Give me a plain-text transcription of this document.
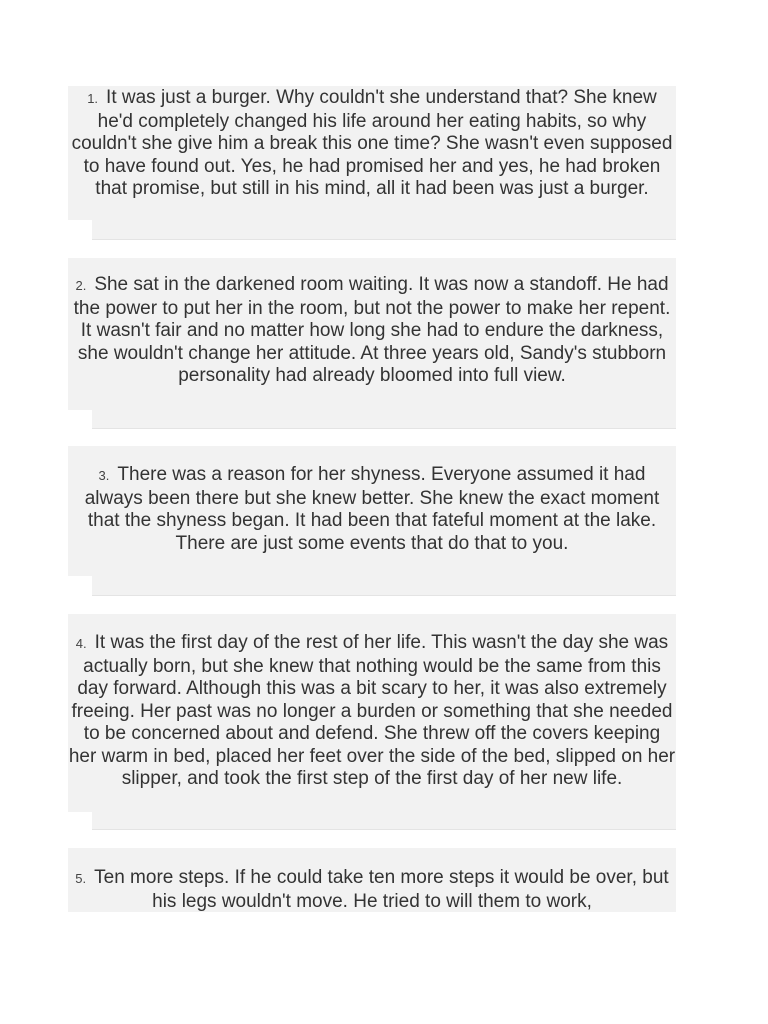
1. It was just a burger. Why couldn't she understand that? She knew he'd completely changed his life around her eating habits, so why couldn't she give him a break this one time? She wasn't even supposed to have found out. Yes, he had promised her and yes, he had broken that promise, but still in his mind, all it had been was just a burger.

2. She sat in the darkened room waiting. It was now a standoff. He had the power to put her in the room, but not the power to make her repent. It wasn't fair and no matter how long she had to endure the darkness, she wouldn't change her attitude. At three years old, Sandy's stubborn personality had already bloomed into full view.

3. There was a reason for her shyness. Everyone assumed it had always been there but she knew better. She knew the exact moment that the shyness began. It had been that fateful moment at the lake. There are just some events that do that to you.

4. It was the first day of the rest of her life. This wasn't the day she was actually born, but she knew that nothing would be the same from this day forward. Although this was a bit scary to her, it was also extremely freeing. Her past was no longer a burden or something that she needed to be concerned about and defend. She threw off the covers keeping her warm in bed, placed her feet over the side of the bed, slipped on her slipper, and took the first step of the first day of her new life.

5. Ten more steps. If he could take ten more steps it would be over, but his legs wouldn't move. He tried to will them to work,
